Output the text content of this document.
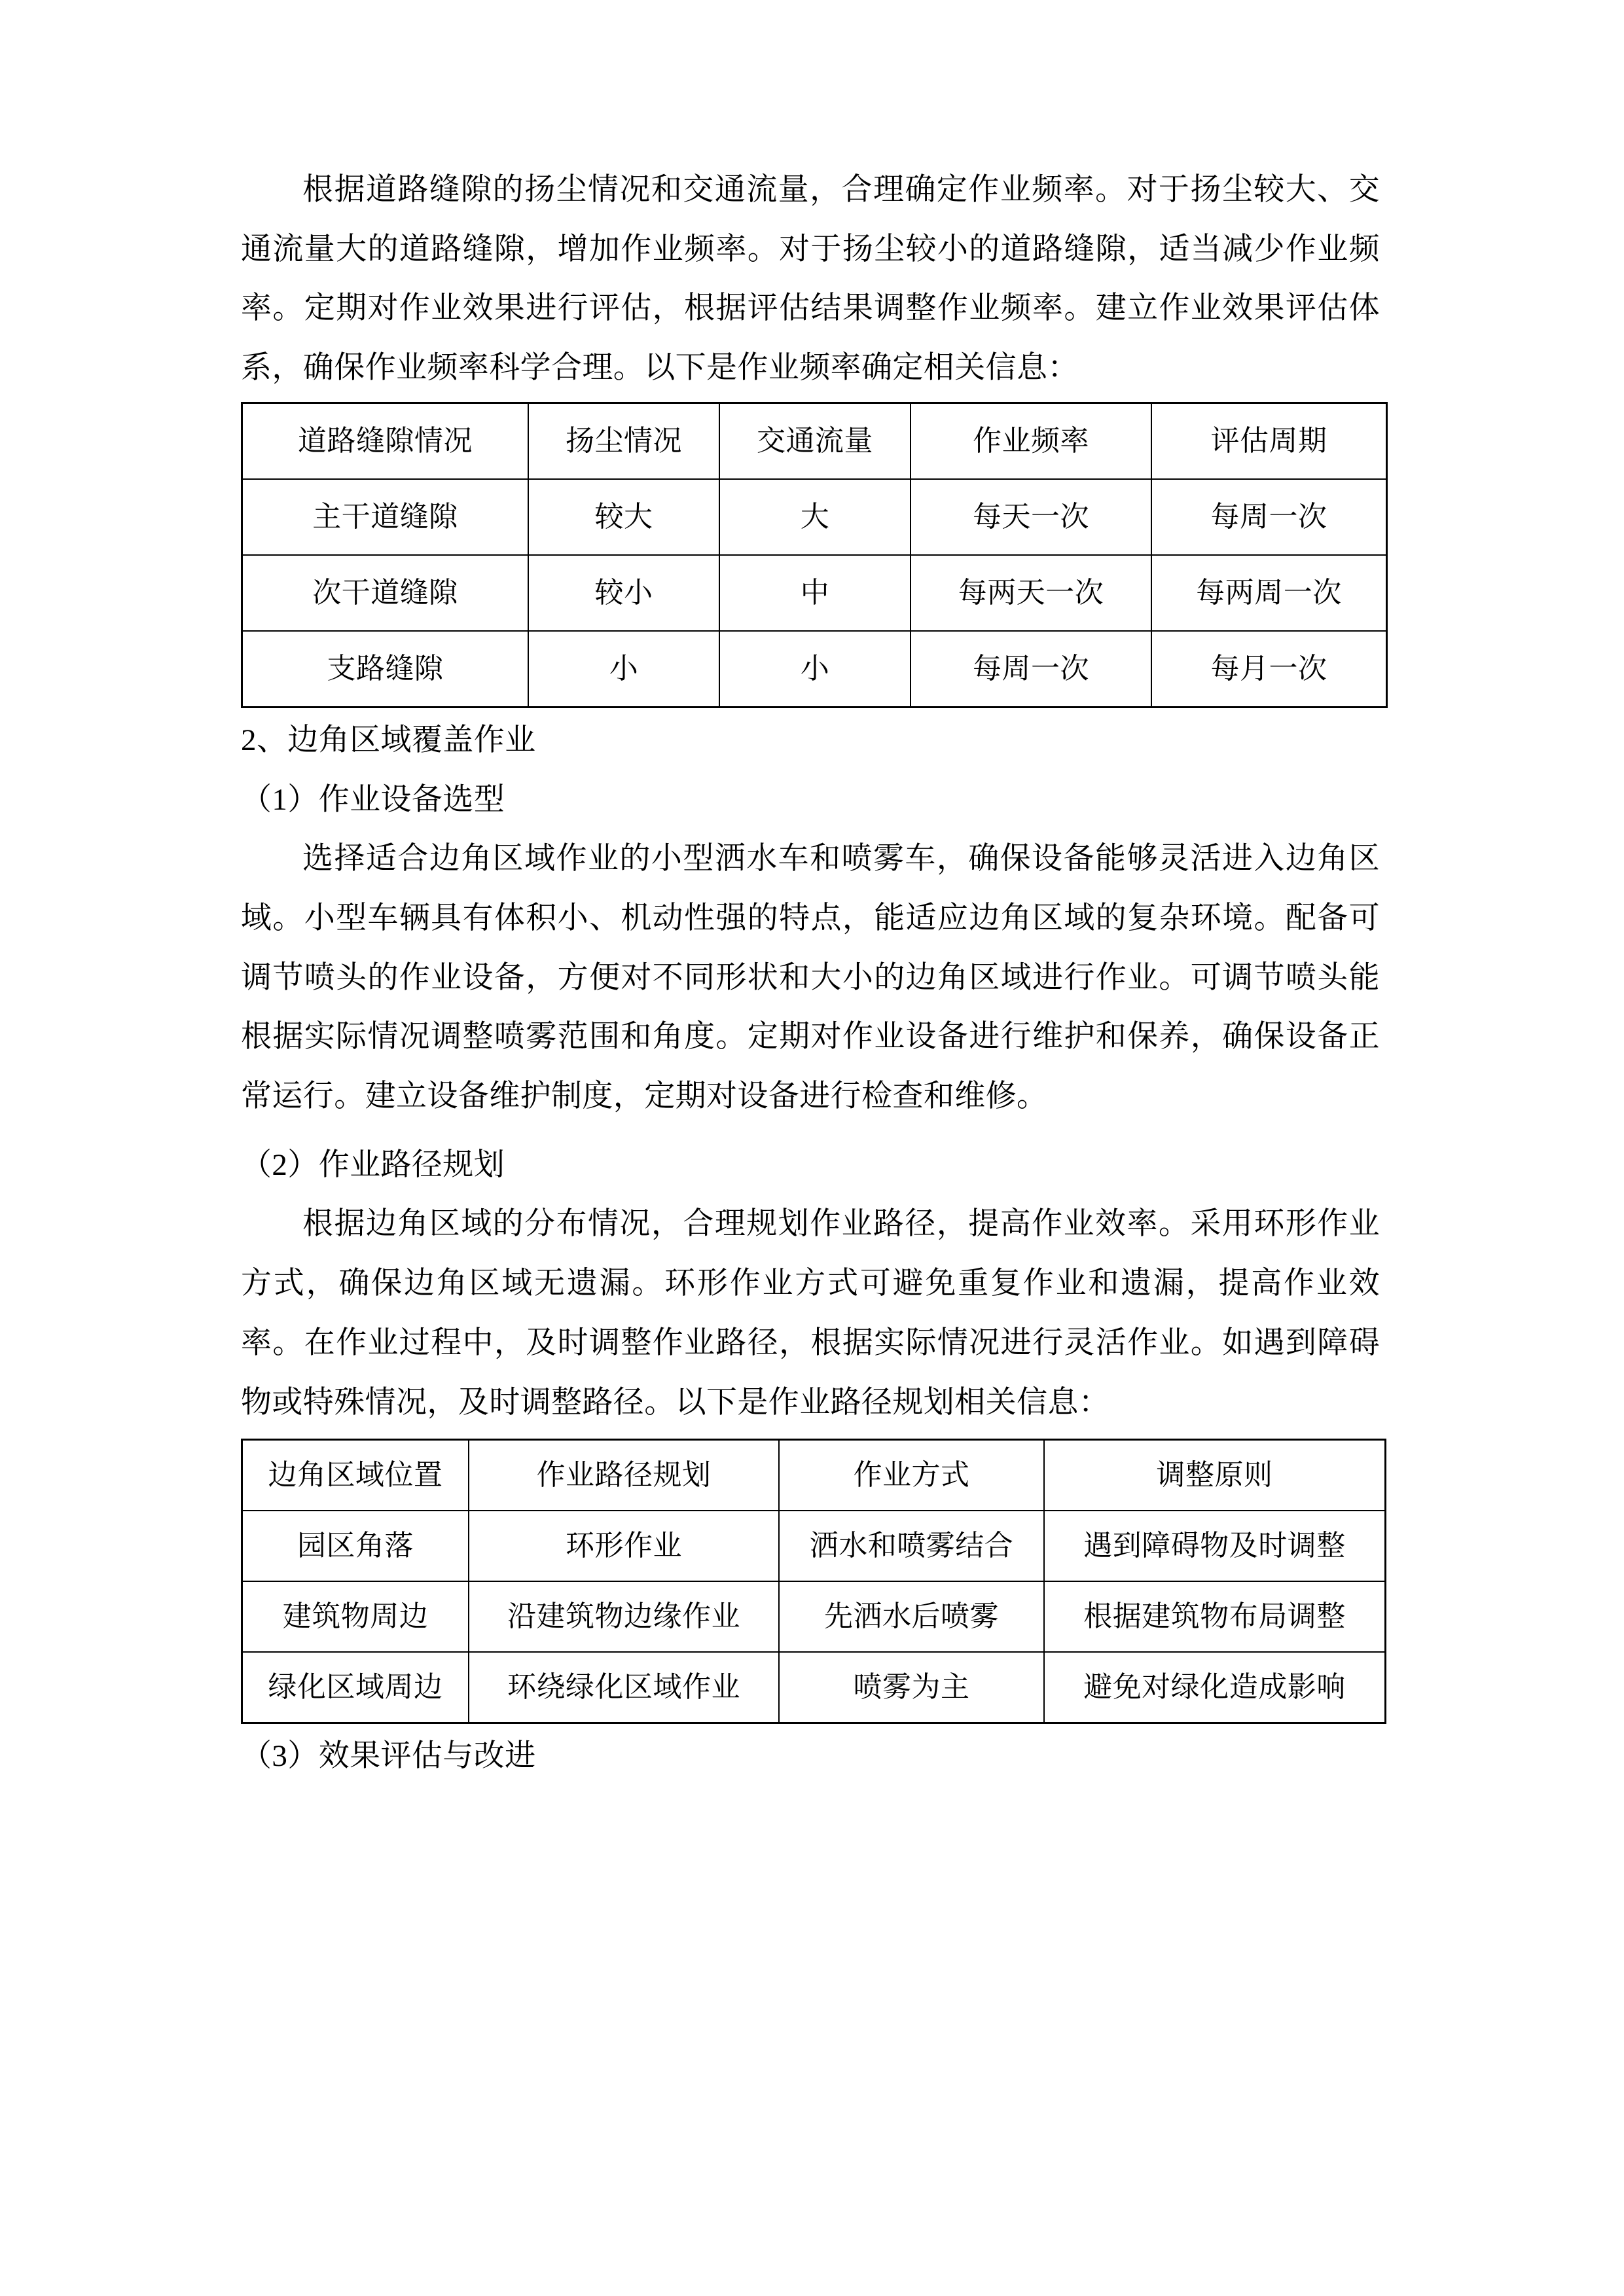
根据道路缝隙的扬尘情况和交通流量，合理确定作业频率。对于扬尘较大、交通流量大的道路缝隙，增加作业频率。对于扬尘较小的道路缝隙，适当减少作业频率。定期对作业效果进行评估，根据评估结果调整作业频率。建立作业效果评估体系，确保作业频率科学合理。以下是作业频率确定相关信息：

道路缝隙情况	扬尘情况	交通流量	作业频率	评估周期
主干道缝隙	较大	大	每天一次	每周一次
次干道缝隙	较小	中	每两天一次	每两周一次
支路缝隙	小	小	每周一次	每月一次

2、边角区域覆盖作业

（1）作业设备选型

选择适合边角区域作业的小型洒水车和喷雾车，确保设备能够灵活进入边角区域。小型车辆具有体积小、机动性强的特点，能适应边角区域的复杂环境。配备可调节喷头的作业设备，方便对不同形状和大小的边角区域进行作业。可调节喷头能根据实际情况调整喷雾范围和角度。定期对作业设备进行维护和保养，确保设备正常运行。建立设备维护制度，定期对设备进行检查和维修。

（2）作业路径规划

根据边角区域的分布情况，合理规划作业路径，提高作业效率。采用环形作业方式，确保边角区域无遗漏。环形作业方式可避免重复作业和遗漏，提高作业效率。在作业过程中，及时调整作业路径，根据实际情况进行灵活作业。如遇到障碍物或特殊情况，及时调整路径。以下是作业路径规划相关信息：

边角区域位置	作业路径规划	作业方式	调整原则
园区角落	环形作业	洒水和喷雾结合	遇到障碍物及时调整
建筑物周边	沿建筑物边缘作业	先洒水后喷雾	根据建筑物布局调整
绿化区域周边	环绕绿化区域作业	喷雾为主	避免对绿化造成影响

（3）效果评估与改进
